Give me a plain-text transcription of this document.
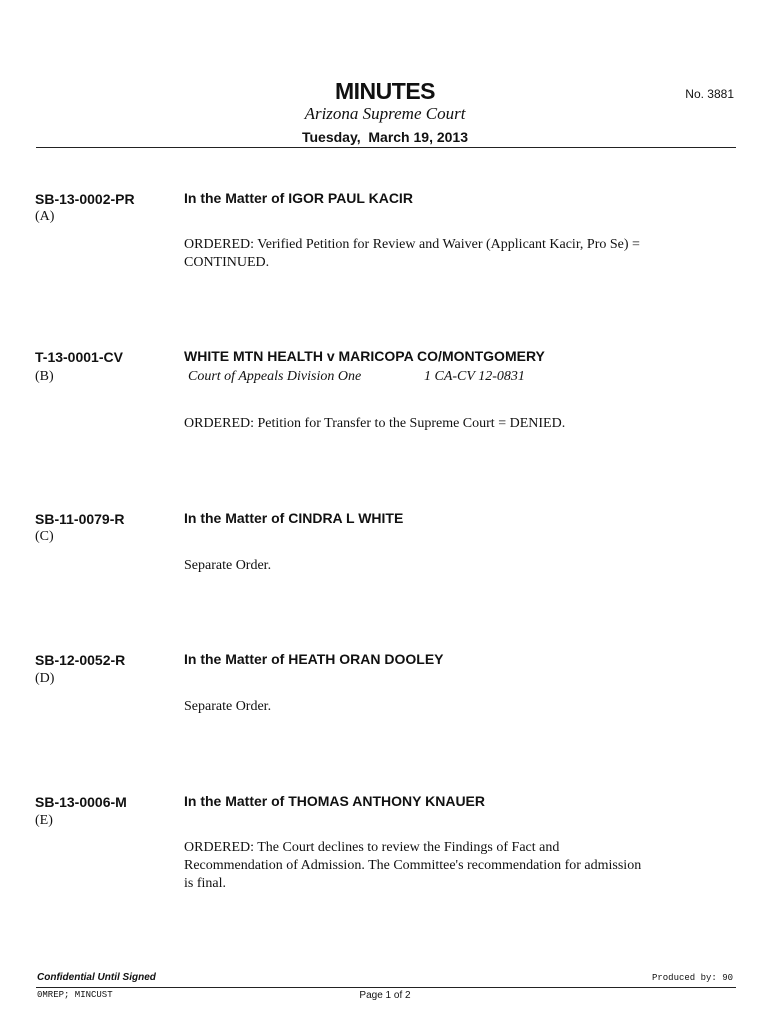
MINUTES	No. 3881
Arizona Supreme Court
Tuesday,  March 19, 2013
SB-13-0002-PR
(A)
In the Matter of IGOR PAUL KACIR
ORDERED: Verified Petition for Review and Waiver (Applicant Kacir, Pro Se) =
CONTINUED.
T-13-0001-CV
(B)
WHITE MTN HEALTH v MARICOPA CO/MONTGOMERY
Court of Appeals Division One	1 CA-CV 12-0831
ORDERED: Petition for Transfer to the Supreme Court = DENIED.
SB-11-0079-R
(C)
In the Matter of CINDRA L WHITE
Separate Order.
SB-12-0052-R
(D)
In the Matter of HEATH ORAN DOOLEY
Separate Order.
SB-13-0006-M
(E)
In the Matter of THOMAS ANTHONY KNAUER
ORDERED: The Court declines to review the Findings of Fact and
Recommendation of Admission. The Committee's recommendation for admission
is final.
Confidential Until Signed	Produced by: 90
0MREP; MINCUST	Page 1 of 2
